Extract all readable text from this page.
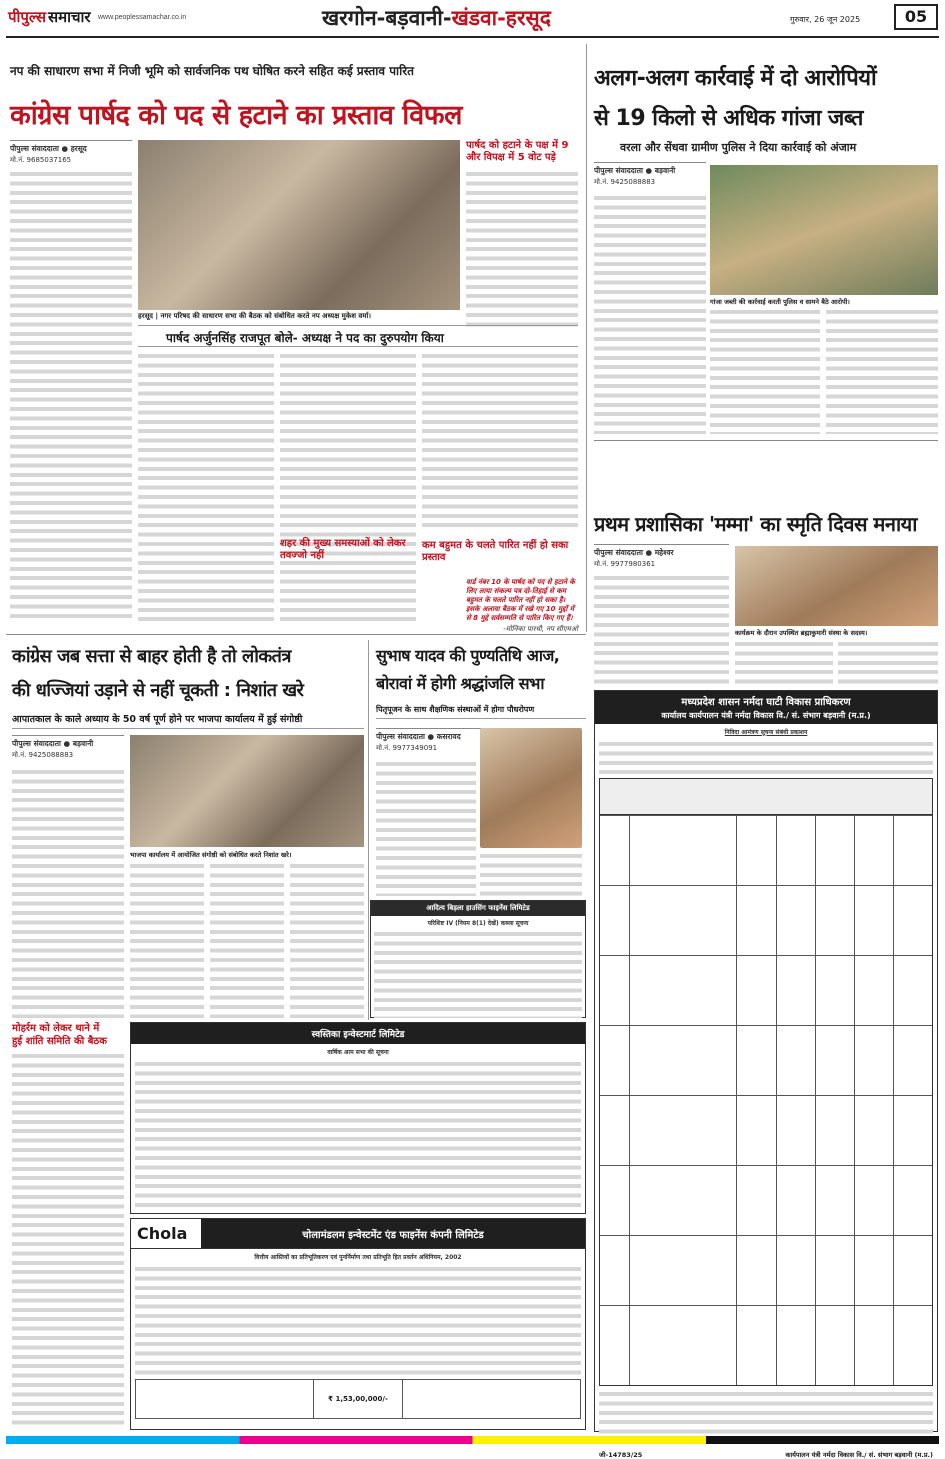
पीपुल्स समाचार www.peoplessamachar.co.in	खरगोन-बड़वानी-खंडवा-हरसूद	गुरुवार, 26 जून 2025	05
नप की साधारण सभा में निजी भूमि को सार्वजनिक पथ घोषित करने सहित कई प्रस्ताव पारित
कांग्रेस पार्षद को पद से हटाने का प्रस्ताव विफल
पीपुल्स संवाददाता ● हरसूद
मो.नं. 9685037165
हरसूद | नगर परिषद की साधारण सभा की बैठक को संबोधित करते नप अध्यक्ष मुकेश वर्मा।
पार्षद को हटाने के पक्ष में 9 और विपक्ष में 5 वोट पड़े
पार्षद अर्जुनसिंह राजपूत बोले- अध्यक्ष ने पद का दुरुपयोग किया
शहर की मुख्य समस्याओं को लेकर तवज्जो नहीं
कम बहुमत के चलते पारित नहीं हो सका प्रस्ताव
वार्ड नंबर 10 के पार्षद को पद से हटाने के लिए लाया संकल्प पत्र दो-तिहाई से कम बहुमत के चलते पारित नहीं हो सका है। इसके अलावा बैठक में रखे गए 10 मुद्दों में से 8 मुद्दे सर्वसम्मति से पारित किए गए हैं।
-मोनिका पारधी, नप सीएमओ
अलग-अलग कार्रवाई में दो आरोपियों
से 19 किलो से अधिक गांजा जब्त
वरला और सेंधवा ग्रामीण पुलिस ने दिया कार्रवाई को अंजाम
पीपुल्स संवाददाता ● बड़वानी
मो.नं. 9425088883
गांजा जब्ती की कार्रवाई करती पुलिस व सामने बैठे आरोपी।
प्रथम प्रशासिका 'मम्मा' का स्मृति दिवस मनाया
पीपुल्स संवाददाता ● महेश्वर
मो.नं. 9977980361
कार्यक्रम के दौरान उपस्थित ब्रह्माकुमारी संस्था के सदस्य।
कांग्रेस जब सत्ता से बाहर होती है तो लोकतंत्र
की धज्जियां उड़ाने से नहीं चूकती : निशांत खरे
आपातकाल के काले अध्याय के 50 वर्ष पूर्ण होने पर भाजपा कार्यालय में हुई संगोष्ठी
पीपुल्स संवाददाता ● बड़वानी
मो.नं. 9425088883
भाजपा कार्यालय में आयोजित संगोष्ठी को संबोधित करते निशांत खरे।
सुभाष यादव की पुण्यतिथि आज,
बोरावां में होगी श्रद्धांजलि सभा
पितृपूजन के साथ शैक्षणिक संस्थाओं में होगा पौधरोपण
पीपुल्स संवाददाता ● कसरावद
मो.नं. 9977349091
आदित्य बिड़ला हाउसिंग फाइनेंस लिमिटेड
परिशिष्ट IV (नियम 8(1) देखें) कब्जा सूचना
मोहर्रम को लेकर थाने में
हुई शांति समिति की बैठक
स्वस्तिका इन्वेस्टमार्ट लिमिटेड
वार्षिक आम सभा की सूचना
Chola	चोलामंडलम इन्वेस्टमेंट एंड फाइनेंस कंपनी लिमिटेड
वित्तीय आस्तियों का प्रतिभूतिकरण एवं पुनर्निर्माण तथा प्रतिभूति हित प्रवर्तन अधिनियम, 2002
₹ 1,53,00,000/-
मध्यप्रदेश शासन नर्मदा घाटी विकास प्राधिकरण
कार्यालय कार्यपालन यंत्री नर्मदा विकास वि./ सं. संभाग बड़वानी (म.प्र.)
निविदा आमंत्रण सूचना संबंधी प्रकाशन
जी-14783/25	कार्यपालन यंत्री नर्मदा विकास वि./ सं. संभाग बड़वानी (म.प्र.)
